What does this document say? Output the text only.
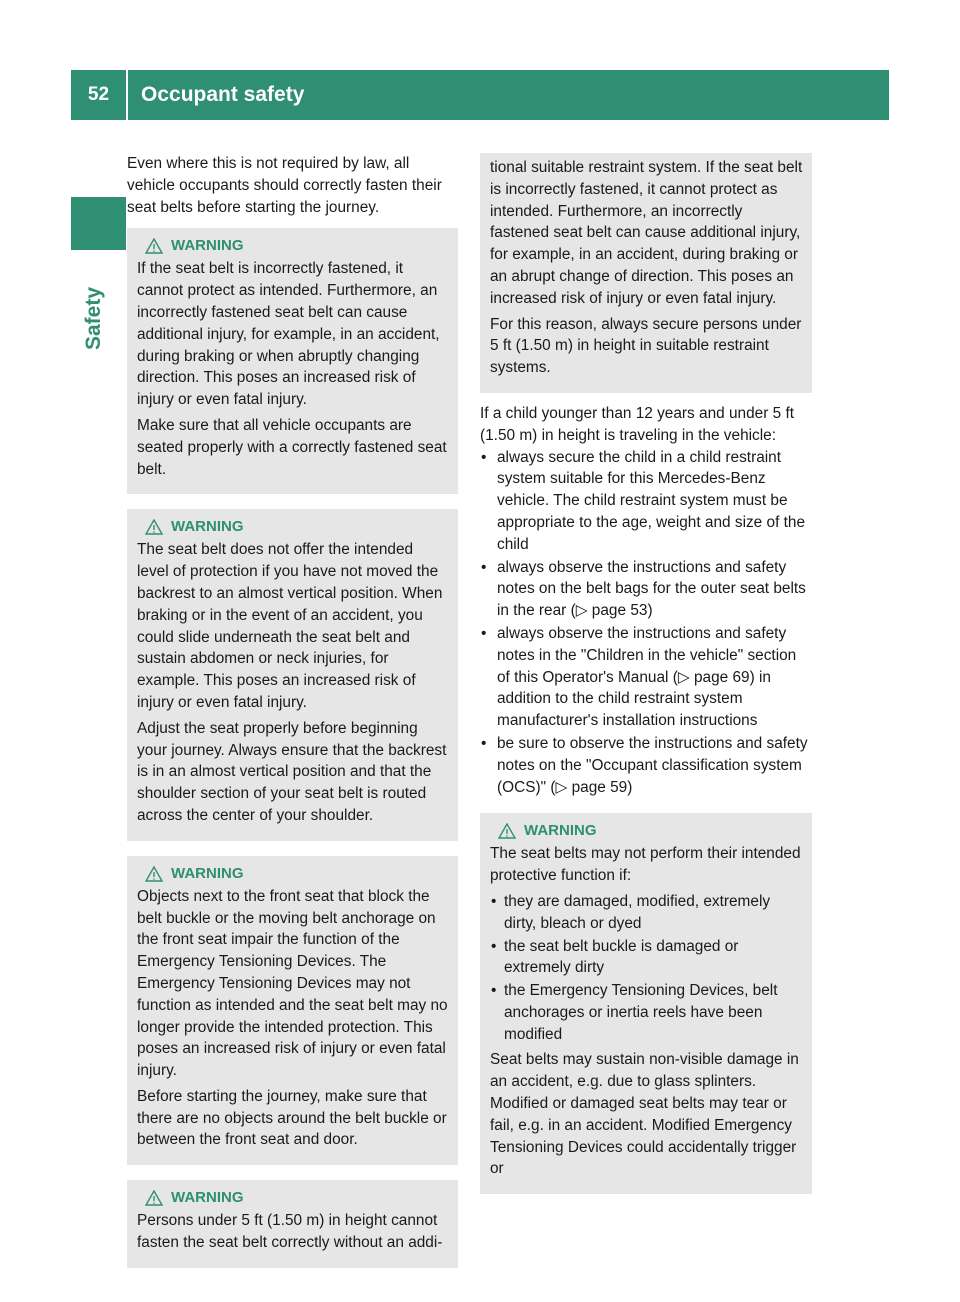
52	Occupant safety
Safety

Even where this is not required by law, all vehicle occupants should correctly fasten their seat belts before starting the journey.

WARNING

If the seat belt is incorrectly fastened, it cannot protect as intended. Furthermore, an incorrectly fastened seat belt can cause additional injury, for example, in an accident, during braking or when abruptly changing direction. This poses an increased risk of injury or even fatal injury.

Make sure that all vehicle occupants are seated properly with a correctly fastened seat belt.

WARNING

The seat belt does not offer the intended level of protection if you have not moved the backrest to an almost vertical position. When braking or in the event of an accident, you could slide underneath the seat belt and sustain abdomen or neck injuries, for example. This poses an increased risk of injury or even fatal injury.

Adjust the seat properly before beginning your journey. Always ensure that the backrest is in an almost vertical position and that the shoulder section of your seat belt is routed across the center of your shoulder.

WARNING

Objects next to the front seat that block the belt buckle or the moving belt anchorage on the front seat impair the function of the Emergency Tensioning Devices. The Emergency Tensioning Devices may not function as intended and the seat belt may no longer provide the intended protection. This poses an increased risk of injury or even fatal injury.

Before starting the journey, make sure that there are no objects around the belt buckle or between the front seat and door.

WARNING

Persons under 5 ft (1.50 m) in height cannot fasten the seat belt correctly without an addi-

tional suitable restraint system. If the seat belt is incorrectly fastened, it cannot protect as intended. Furthermore, an incorrectly fastened seat belt can cause additional injury, for example, in an accident, during braking or an abrupt change of direction. This poses an increased risk of injury or even fatal injury.

For this reason, always secure persons under 5 ft (1.50 m) in height in suitable restraint systems.

If a child younger than 12 years and under 5 ft (1.50 m) in height is traveling in the vehicle:

• always secure the child in a child restraint system suitable for this Mercedes-Benz vehicle. The child restraint system must be appropriate to the age, weight and size of the child
• always observe the instructions and safety notes on the belt bags for the outer seat belts in the rear (▷ page 53)
• always observe the instructions and safety notes in the "Children in the vehicle" section of this Operator's Manual (▷ page 69) in addition to the child restraint system manufacturer's installation instructions
• be sure to observe the instructions and safety notes on the "Occupant classification system (OCS)" (▷ page 59)
WARNING

The seat belts may not perform their intended protective function if:

• they are damaged, modified, extremely dirty, bleach or dyed
• the seat belt buckle is damaged or extremely dirty
• the Emergency Tensioning Devices, belt anchorages or inertia reels have been modified

Seat belts may sustain non-visible damage in an accident, e.g. due to glass splinters. Modified or damaged seat belts may tear or fail, e.g. in an accident. Modified Emergency Tensioning Devices could accidentally trigger or
